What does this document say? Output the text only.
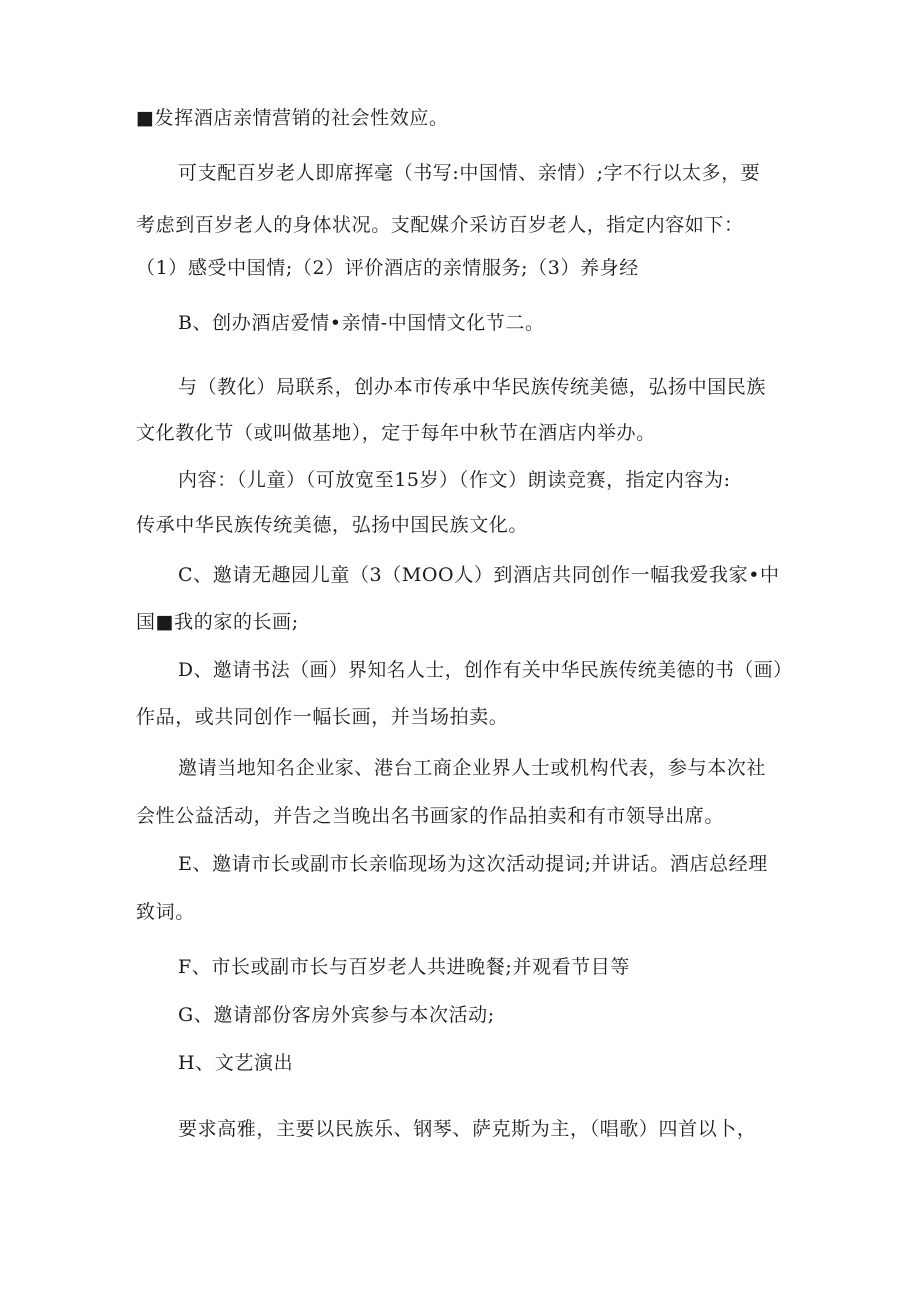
■发挥酒店亲情营销的社会性效应。
可支配百岁老人即席挥毫（书写:中国情、亲情）;字不行以太多，要
考虑到百岁老人的身体状况。支配媒介采访百岁老人，指定内容如下：
（1）感受中国情;（2）评价酒店的亲情服务;（3）养身经
B、创办酒店爱情•亲情-中国情文化节二。
与（教化）局联系，创办本市传承中华民族传统美德，弘扬中国民族
文化教化节（或叫做基地），定于每年中秋节在酒店内举办。
内容：（儿童）（可放宽至15岁）（作文）朗读竞赛，指定内容为:
传承中华民族传统美德，弘扬中国民族文化。
C、邀请无趣园儿童（3（MOO人）到酒店共同创作一幅我爱我家•中
国■我的家的长画;
D、邀请书法（画）界知名人士，创作有关中华民族传统美德的书（画）
作品，或共同创作一幅长画，并当场拍卖。
邀请当地知名企业家、港台工商企业界人士或机构代表，参与本次社
会性公益活动，并告之当晚出名书画家的作品拍卖和有市领导出席。
E、邀请市长或副市长亲临现场为这次活动提词;并讲话。酒店总经理
致词。
F、市长或副市长与百岁老人共进晚餐;并观看节目等
G、邀请部份客房外宾参与本次活动;
H、文艺演出
要求高雅，主要以民族乐、钢琴、萨克斯为主，（唱歌）四首以卜，
